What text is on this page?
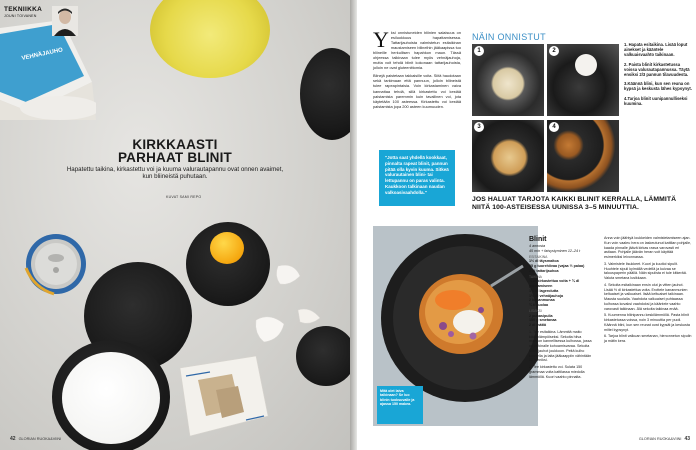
VEHNÄJAUHO
TEKNIIKKA
JOUNI TOIVANEN
KIRKKAASTI
PARHAAT BLINIT
Hapatettu taikina, kirkastettu voi ja kuuma valurautapannu ovat onnen avaimet, kun bliineistä puhutaan.
KUVAT SAMI REPO
42 GLORIAN RUOKA&VIINI
Y ksi onnistuneiden bliinien salaisuus on esiluokkuus hapattamisessa. Tattarijauhoista valmistetun esitaikinan maustamiseen bliineihin jääkaapissa tuo bliineille herkullisen hapahkon maun. Tässä ohjeessa taikinaan tulee myös vehnäjauhoja, mutta voit tehdä blinit kokonaan tattarijauhoista, jolloin ne ovat gluteenittomia.

Blinejä paistetaan takkaisille voita. Siitä haudotaan sekä tarkimaan että pannuun, jolloin bliineistä tulee rapeapintaisia. Voin kirkastaminen vaiva kannattaa tehdä, sillä kirkastettu voi kestää paistamista paremmin kuin tavallinen voi, jota käytetään 100 asteessa. Kirkastettu voi kestää paistamista jopa 200 asteen kuumuuden.

"Jotta saat yhdellä kookkaat, pinnalta rapeat blinit, pannun pitää olla kyvin kuuma. Sitkeä valurautainen blini- tai lettupannu on paras valinta. Kaukkoon talkinaan naudan valkoasivaahdolla."
NÄIN ONNISTUT
1	2
3	4

1. Hapata esitaikina. Lisää loput ainekset ja kääntele valkuaisvaahto taikinaan.

2. Paista blinit kirkastetussa voissa valurautapannussa. Täytä ensiksi 2/3 pannun tilavuudesta.

3.Käännä blini, kun sen reuna on kypsä ja keskusta lähes kypsynyt.

4.Tarjoa blinit uunipannulliseksi kuumina.

JOS HALUAT TARJOTA KAIKKI BLINIT KERRALLA, LÄMMITÄ NIITÄ 100-ASTEISESSA UUNISSA 3–5 MINUUTTIA.
Mitä olet laiva taikinaan? Se luo blinin tuoksuvalle ja ajassa 150 makea.
Blinit
4 annosta
45 min + fatsystyminen 12–24 t
ESITAIKINA
1½ dl täysmaitoa
25 g tuorehiivaa (vajaa ½ palaa)
2 dl tattarijauhoa
TAIKINA
¾ dl kirkastettua voita + ¾ dl paistamiseen
1½ dl lagerolutta
1½ dl vehnäjauhoja
2 kananmunaa
¾ tl suolaa
LISÄKSI
2 punasipulia
150 g smetanaa
2 dl mätiä
1. Tee esitaikina. Lämmitä maito kädenlämpöiseksi. Sekoita hiiva maitoon kannellisessa kulhossa, jossa on tarkinalle kohoamisvaraa. Sekoita tattarijauhot joukkoon. Peitä kulho kannella ja laita jääkaappiin vähintään 12 tunniksi.
2. Tee kirkastettu voi. Sulata 150 grammaa voita kattilassa miedolla lämmöllä. Kuori vaahto pinnalta.
Anna voin jäähtyä loukkeiden valmistetamiseen ajan. Kun voin vaaleu hera on laskeutunut kattilan pohjalle, kaada pinnalle jäävä kirkas rasva varovasti eri astiaan. Pohjalle jäävän heran voit käyttää esimerkiksi leivonnassa.
3. Valmistele lisukkeet. Kuori ja kuutioi sipulit. Huuhtele sipuli kylmällä vedellä ja kuivaa se talouspaperin päällä. Näin sipulista ei tule kitkerää. Valuta smetana lusikkaan.
4. Sekoita esitaikinaan ensin olut ja vitten jauhot. Lisää ½ dl kirkastettua voita. Erottele kananmunien keltuaiset ja valkuaiset. lisää keltuaiset taikinaan. Mausta suolalla. Vaahdota valkuaiset puhtaassa kulhossa kovaksi vaahdoksi ja kääntele vaahto varovasti taikinaan. Älä sekoita taikinaa enää.
5. Kuumenna bliinipannu keskilämmöllä. Pasta blinit kirkastetussa voissa, noin 3 minuuttia per puoli. Käännä blini, kun sen reunat ovat kypsät ja keskusta miltei kypsynyt.
6. Tarjoa blinit valkuan smetanan, hienonnetun sipulin ja mätin kera.
GLORIAN RUOKA&VIINI 43
